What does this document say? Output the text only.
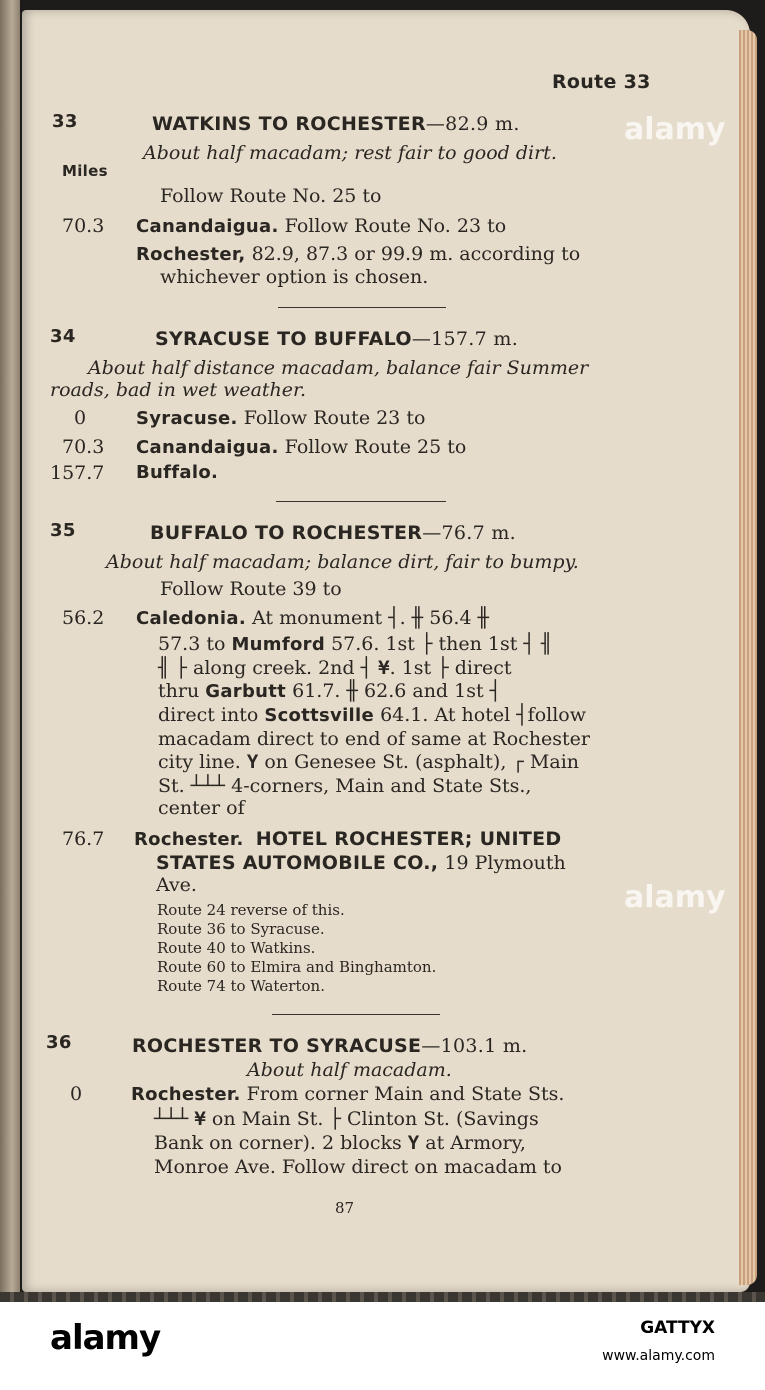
Route 33
33	WATKINS TO ROCHESTER—82.9 m.
About half macadam; rest fair to good dirt.
Miles
Follow Route No. 25 to
70.3 Canandaigua. Follow Route No. 23 to
Rochester, 82.9, 87.3 or 99.9 m. according to
whichever option is chosen.
34	SYRACUSE TO BUFFALO—157.7 m.
About half distance macadam, balance fair Summer
roads, bad in wet weather.
0	Syracuse. Follow Route 23 to
70.3 Canandaigua. Follow Route 25 to
157.7 Buffalo.
35	BUFFALO TO ROCHESTER—76.7 m.
About half macadam; balance dirt, fair to bumpy.
Follow Route 39 to
56.2 Caledonia. At monument ┤. ╫ 56.4 ╫
57.3 to Mumford 57.6. 1st ├ then 1st ┤ ╢
╢ ├ along creek. 2nd ┤ ¥. 1st ├ direct
thru Garbutt 61.7. ╫ 62.6 and 1st ┤
direct into Scottsville 64.1. At hotel ┤follow
macadam direct to end of same at Rochester
city line. Y on Genesee St. (asphalt), ┌ Main
St. ┴┴┴ 4-corners, Main and State Sts.,
center of
76.7 Rochester. HOTEL ROCHESTER; UNITED
STATES AUTOMOBILE CO., 19 Plymouth
Ave.
Route 24 reverse of this.
Route 36 to Syracuse.
Route 40 to Watkins.
Route 60 to Elmira and Binghamton.
Route 74 to Waterton.
36	ROCHESTER TO SYRACUSE—103.1 m.
About half macadam.
0	Rochester. From corner Main and State Sts.
┴┴┴ ¥ on Main St. ├ Clinton St. (Savings
Bank on corner). 2 blocks Y at Armory,
Monroe Ave. Follow direct on macadam to
87
alamy
alamy
alamy	GATTYX
www.alamy.com
